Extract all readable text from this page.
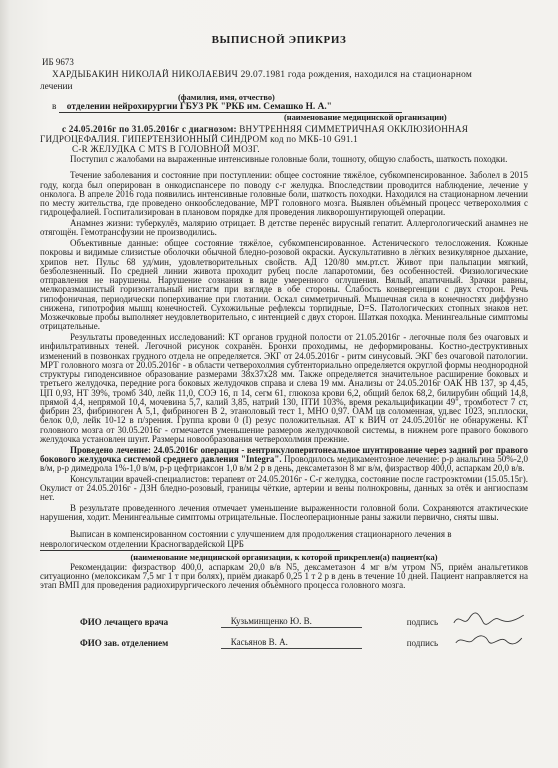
ВЫПИСНОЙ ЭПИКРИЗ
ИБ 9673
ХАРДЫБАКИН НИКОЛАЙ НИКОЛАЕВИЧ 29.07.1981 года рождения, находился на стационарном
лечении
(фамилия, имя, отчество)
в отделении нейрохирургии ГБУЗ РК "РКБ им. Семашко Н. А."
(наименование медицинской организации)
с 24.05.2016г по 31.05.2016г с диагнозом: ВНУТРЕННЯЯ СИММЕТРИЧНАЯ ОККЛЮЗИОННАЯ
ГИДРОЦЕФАЛИЯ. ГИПЕРТЕНЗИОННЫЙ СИНДРОМ код по МКБ-10 G91.1
C-R ЖЕЛУДКА С MTS В ГОЛОВНОЙ МОЗГ.

Поступил с жалобами на выраженные интенсивные головные боли, тошноту, общую слабость, шаткость походки.

Течение заболевания и состояние при поступлении: общее состояние тяжёлое, субкомпенсированное. Заболел в 2015 году, когда был оперирован в онкодиспансере по поводу с-г желудка. Впоследствии проводится наблюдение, лечение у онколога. В апреле 2016 года появились интенсивные головные боли, шаткость походки. Находился на стационарном лечении по месту жительства, где проведено онкообследование, МРТ головного мозга. Выявлен объёмный процесс четверохолмия с гидроцефалией. Госпитализирован в плановом порядке для проведения ликворошунтирующей операции.

Анамнез жизни: туберкулёз, малярию отрицает. В детстве перенёс вирусный гепатит. Аллергологический анамнез не отягощён. Гемотрансфузии не производились.

Объективные данные: общее состояние тяжёлое, субкомпенсированное. Астенического телосложения. Кожные покровы и видимые слизистые оболочки обычной бледно-розовой окраски. Аускультативно в лёгких везикулярное дыхание, хрипов нет. Пульс 68 уд/мин, удовлетворительных свойств. АД 120/80 мм.рт.ст. Живот при пальпации мягкий, безболезненный. По средней линии живота проходит рубец после лапаротомии, без особенностей. Физиологические отправления не нарушены. Нарушение сознания в виде умеренного оглушения. Вялый, апатичный. Зрачки равны, мелкоразмашистый горизонтальный нистагм при взгляде в обе стороны. Слабость конвергенции с двух сторон. Речь гипофоничная, периодически поперхивание при глотании. Оскал симметричный. Мышечная сила в конечностях диффузно снижена, гипотрофия мышц конечностей. Сухожильные рефлексы торпидные, D=S. Патологических стопных знаков нет. Мозжечковые пробы выполняет неудовлетворительно, с интенцией с двух сторон. Шаткая походка. Менингеальные симптомы отрицательные.

Результаты проведенных исследований: КТ органов грудной полости от 21.05.2016г - легочные поля без очаговых и инфильтративных теней. Легочной рисунок сохранён. Бронхи проходимы, не деформированы. Костно-деструктивных изменений в позвонках грудного отдела не определяется. ЭКГ от 24.05.2016г - ритм синусовый. ЭКГ без очаговой патологии. МРТ головного мозга от 20.05.2016г - в области четверохолмия субтенториально определяется округлой формы неоднородной структуры гиподенсивное образование размерами 38х37х28 мм. Также определяется значительное расширение боковых и третьего желудочка, передние рога боковых желудочков справа и слева 19 мм. Анализы от 24.05.2016г ОАК НВ 137, эр 4,45, ЦП 0,93, НТ 39%, тромб 340, лейк 11,0, СОЭ 16, п 14, сегм 61, глюкоза крови 6,2, общий белок 68,2, билирубин общий 14,8, прямой 4,4, непрямой 10,4, мочевина 5,7, калий 3,85, натрий 130, ПТИ 103%, время рекальцификации 49", тромботест 7 ст, фибрин 23, фибриноген А 5,1, фибриноген В 2, этаноловый тест 1, МНО 0,97. ОАМ цв соломенная, уд.вес 1023, эп.плоски, белок 0,0, лейк 10-12 в п/зрения. Группа крови 0 (I) резус положительная. АТ к ВИЧ от 24.05.2016г не обнаружены. КТ головного мозга от 30.05.2016г - отмечается уменьшение размеров желудочковой системы, в нижнем роге правого бокового желудочка установлен шунт. Размеры новообразования четверохолмия прежние.

Проведено лечение: 24.05.2016г операция - вентрикулоперитонеальное шунтирование через задний рог правого бокового желудочка системой среднего давления "Integra". Проводилось медикаментозное лечение: р-р анальгина 50%-2,0 в/м, р-р димедрола 1%-1,0 в/м, р-р цефтриаксон 1,0 в/м 2 р в день, дексаметазон 8 мг в/м, физраствор 400,0, аспаркам 20,0 в/в.

Консультации врачей-специалистов: терапевт от 24.05.2016г - С-г желудка, состояние после гастроэктомии (15.05.15г). Окулист от 24.05.2016г - ДЗН бледно-розовый, границы чёткие, артерии и вены полнокровны, данных за отёк и ангиоспазм нет.

В результате проведенного лечения отмечает уменьшение выраженности головной боли. Сохраняются атактические нарушения, ходит. Менингеальные симптомы отрицательные. Послеоперационные раны зажили первично, сняты швы.

Выписан в компенсированном состоянии с улучшением для продолжения стационарного лечения в

неврологическом отделении Красногвардейской ЦРБ
(наименование медицинской организации, к которой прикреплен(а) пациент(ка)

Рекомендации: физраствор 400,0, аспаркам 20,0 в/в N5, дексаметазон 4 мг в/м утром N5, приём анальгетиков ситуационно (мелоксикам 7,5 мг 1 т при болях), приём диакарб 0,25 1 т 2 р в день в течение 10 дней. Пациент направляется на этап ВМП для проведения радиохирургического лечения объёмного процесса головного мозга.

ФИО лечащего врача	Кузьминщенко Ю. В.	подпись
ФИО зав. отделением	Касьянов В. А.	подпись
